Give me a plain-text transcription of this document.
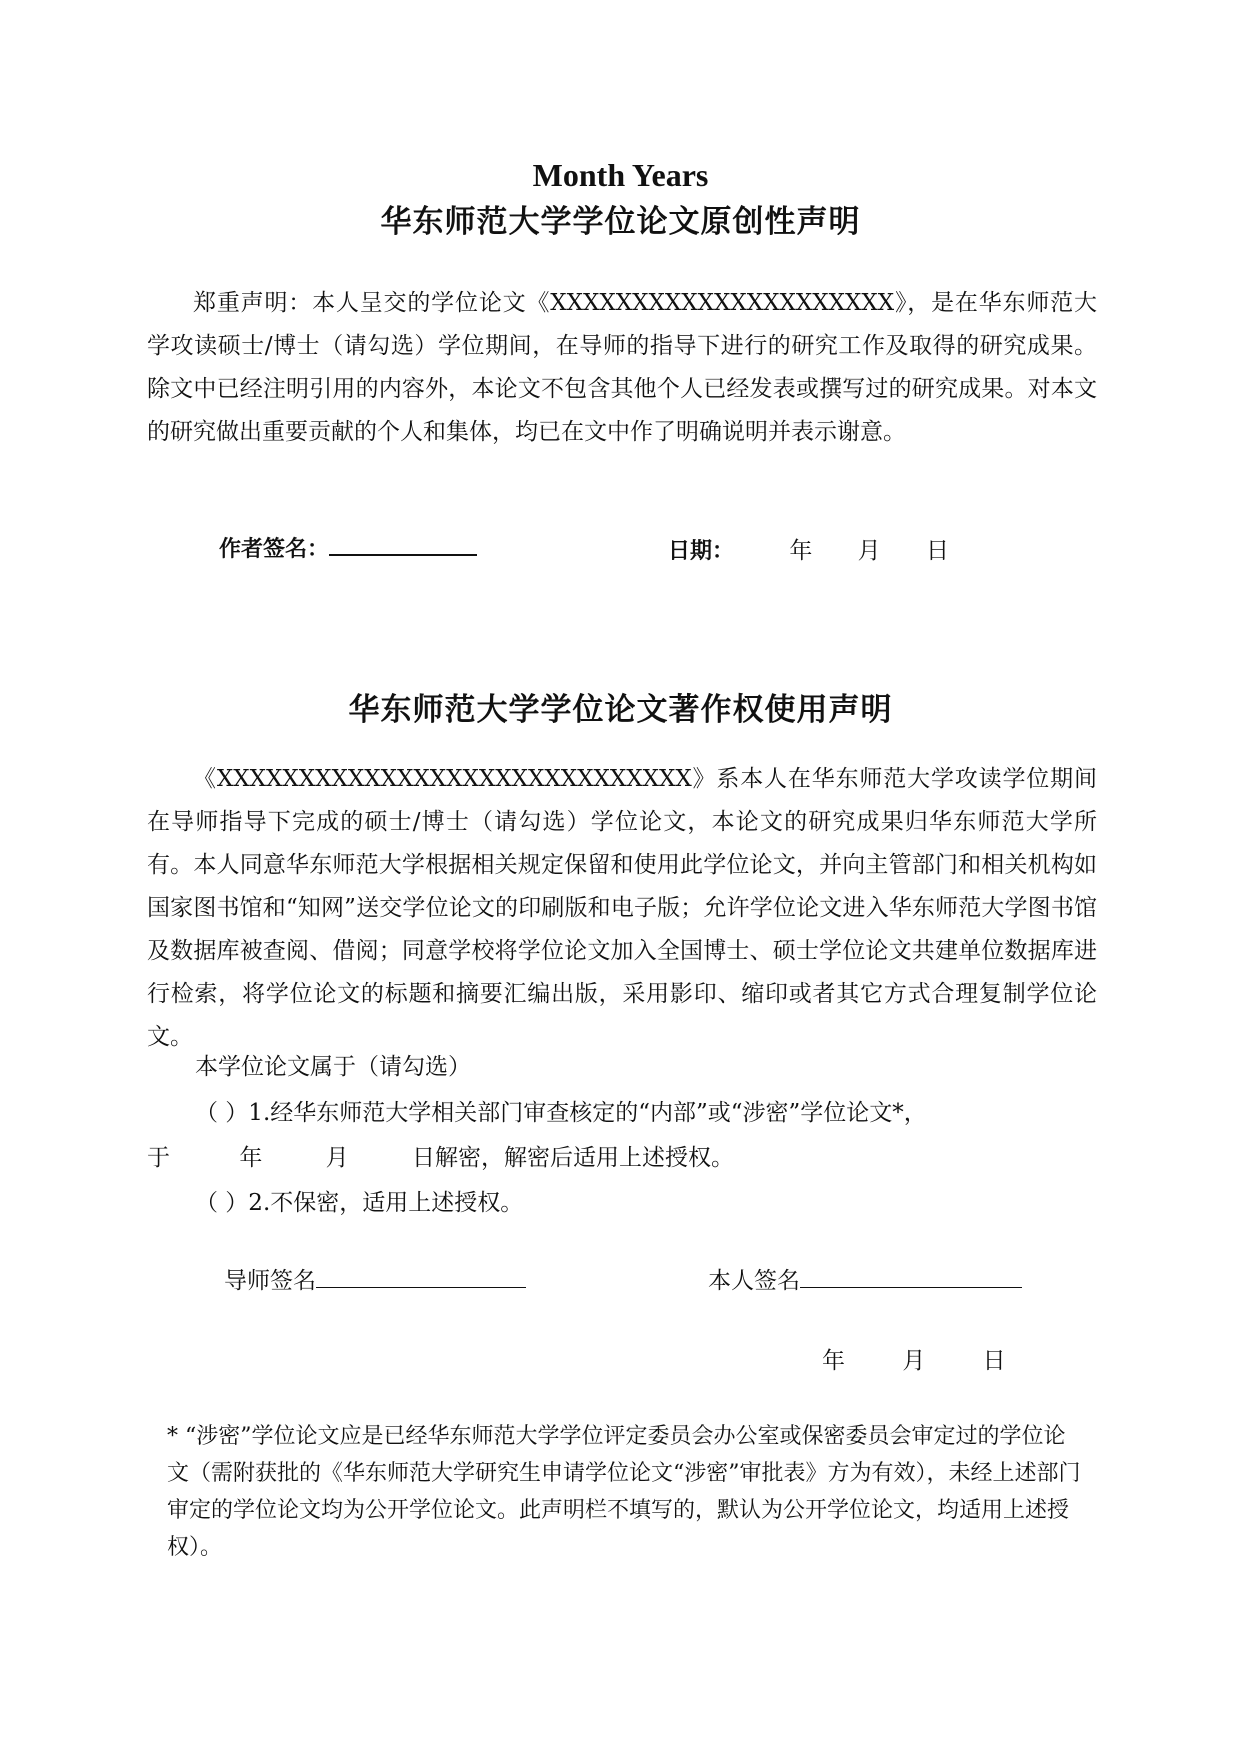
Month Years
华东师范大学学位论文原创性声明
郑重声明：本人呈交的学位论文《XXXXXXXXXXXXXXXXXXXXX》，是在华东师范大学攻读硕士/博士（请勾选）学位期间，在导师的指导下进行的研究工作及取得的研究成果。除文中已经注明引用的内容外，本论文不包含其他个人已经发表或撰写过的研究成果。对本文的研究做出重要贡献的个人和集体，均已在文中作了明确说明并表示谢意。
作者签名：	日期： 年 月 日
华东师范大学学位论文著作权使用声明
《XXXXXXXXXXXXXXXXXXXXXXXXXXXXX》系本人在华东师范大学攻读学位期间在导师指导下完成的硕士/博士（请勾选）学位论文，本论文的研究成果归华东师范大学所有。本人同意华东师范大学根据相关规定保留和使用此学位论文，并向主管部门和相关机构如国家图书馆和“知网”送交学位论文的印刷版和电子版；允许学位论文进入华东师范大学图书馆及数据库被查阅、借阅；同意学校将学位论文加入全国博士、硕士学位论文共建单位数据库进行检索，将学位论文的标题和摘要汇编出版，采用影印、缩印或者其它方式合理复制学位论文。
本学位论文属于（请勾选）
（ ）1.经华东师范大学相关部门审查核定的“内部”或“涉密”学位论文*，
于	年	月	日解密，解密后适用上述授权。
（ ）2.不保密，适用上述授权。
导师签名	本人签名
年 月 日
* “涉密”学位论文应是已经华东师范大学学位评定委员会办公室或保密委员会审定过的学位论文（需附获批的《华东师范大学研究生申请学位论文“涉密”审批表》方为有效），未经上述部门审定的学位论文均为公开学位论文。此声明栏不填写的，默认为公开学位论文，均适用上述授权）。
